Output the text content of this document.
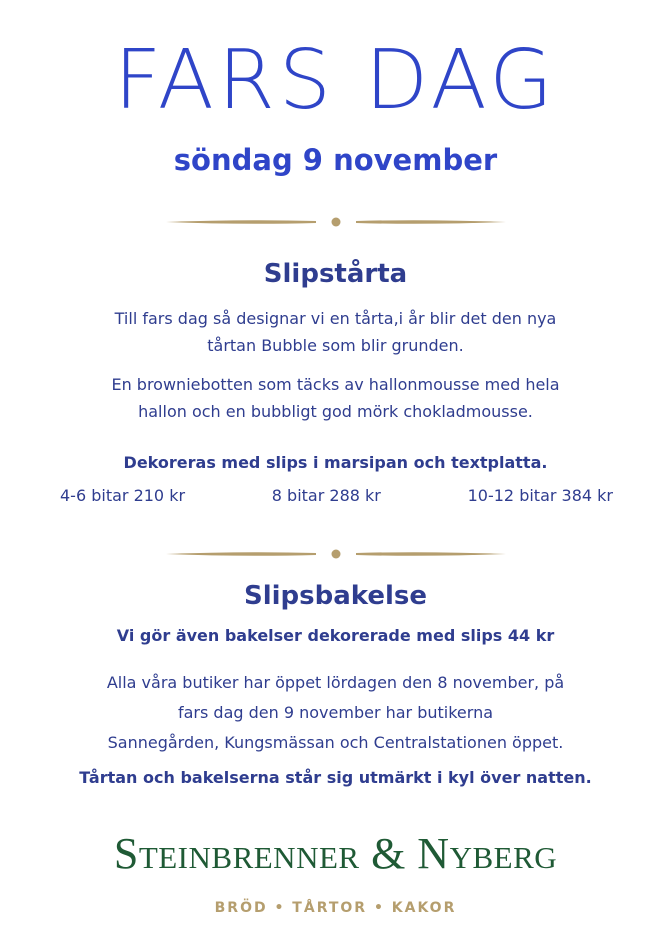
FARS DAG
söndag 9 november
Slipstårta
Till fars dag så designar vi en tårta,i år blir det den nya
tårtan Bubble som blir grunden.
En browniebotten som täcks av hallonmousse med hela
hallon och en bubbligt god mörk chokladmousse.
Dekoreras med slips i marsipan och textplatta.
4-6 bitar 210 kr	8 bitar 288 kr	10-12 bitar 384 kr
Slipsbakelse
Vi gör även bakelser dekorerade med slips 44 kr
Alla våra butiker har öppet lördagen den 8 november, på
fars dag den 9 november har butikerna
Sannegården, Kungsmässan och Centralstationen öppet.
Tårtan och bakelserna står sig utmärkt i kyl över natten.
Steinbrenner & Nyberg
BRÖD • TÅRTOR • KAKOR
